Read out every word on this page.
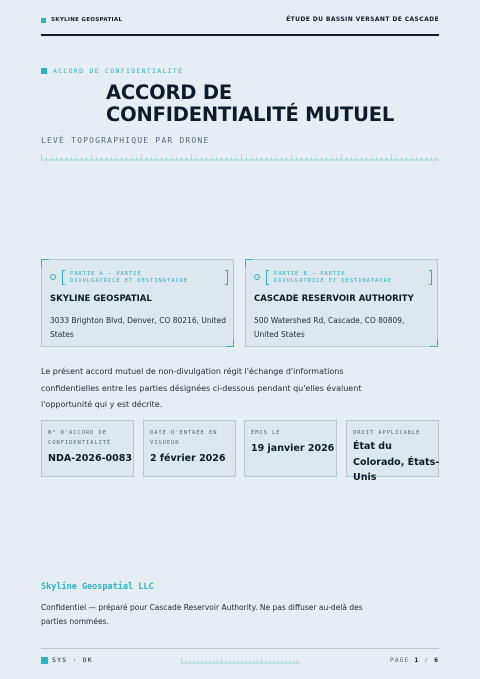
SKYLINE GEOSPATIAL	ÉTUDE DU BASSIN VERSANT DE CASCADE
ACCORD DE CONFIDENTIALITÉ
ACCORD DE CONFIDENTIALITÉ MUTUEL
LEVÉ TOPOGRAPHIQUE PAR DRONE
PARTIE A — PARTIE
DIVULGATRICE ET DESTINATAIRE
SKYLINE GEOSPATIAL
3033 Brighton Blvd, Denver, CO 80216, United States
PARTIE B — PARTIE
DIVULGATRICE ET DESTINATAIRE
CASCADE RESERVOIR AUTHORITY
500 Watershed Rd, Cascade, CO 80809, United States
Le présent accord mutuel de non-divulgation régit l'échange d'informations confidentielles entre les parties désignées ci-dessous pendant qu'elles évaluent l'opportunité qui y est décrite.
N° D'ACCORD DE CONFIDENTIALITÉ
NDA-2026-0083
DATE D'ENTRÉE EN VIGUEUR
2 février 2026
ÉMIS LE
19 janvier 2026
DROIT APPLICABLE
État du Colorado, États-Unis
Skyline Geospatial LLC
Confidentiel — préparé pour Cascade Reservoir Authority. Ne pas diffuser au-delà des parties nommées.
SYS · OK	PAGE 1 / 6
